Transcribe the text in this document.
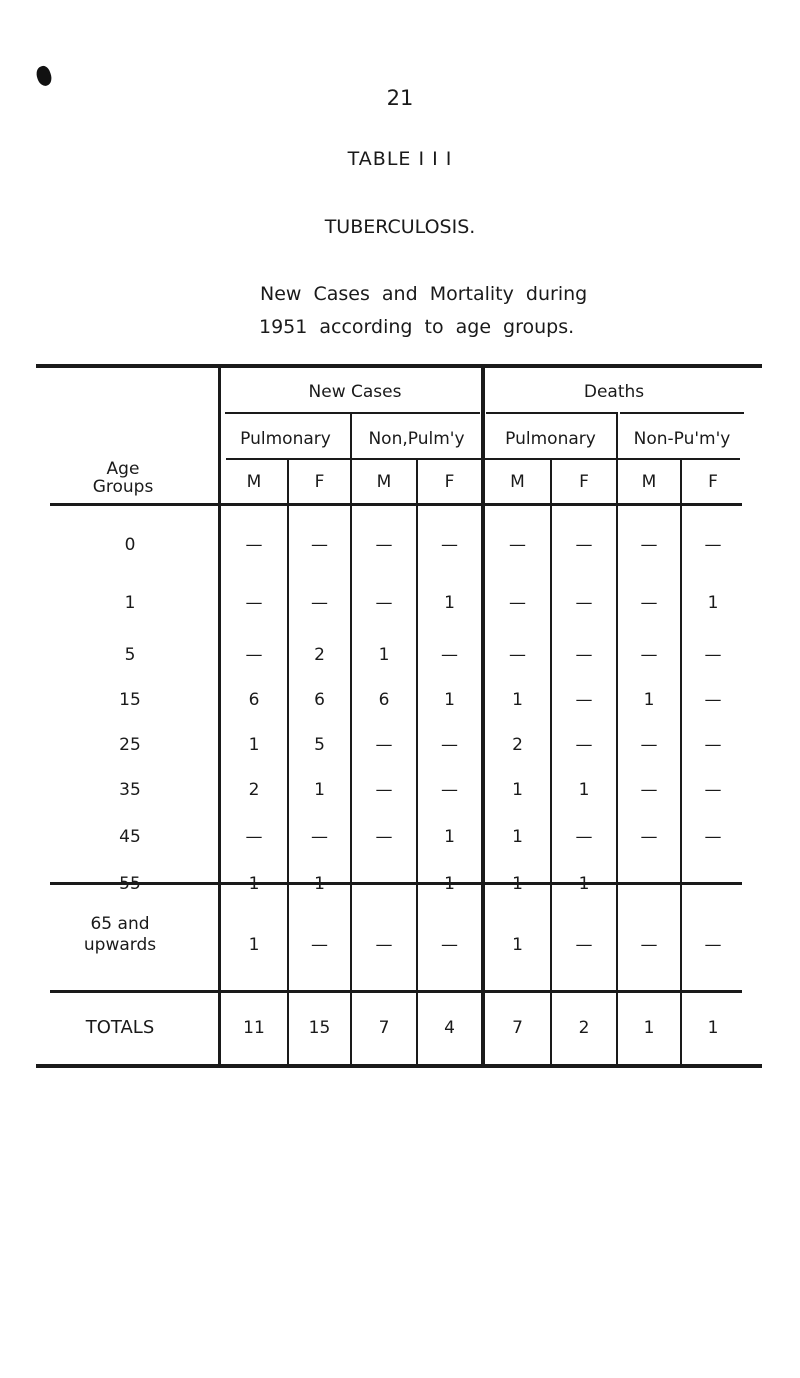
21
TABLE I I I
TUBERCULOSIS.
New Cases and Mortality during
1951 according to age groups.
Age
Groups
New Cases	Deaths
Pulmonary	Non,Pulm'y	Pulmonary	Non-Pu'm'y
M	F	M	F	M	F	M	F
0	—	—	—	—	—	—	—	—
1	—	—	—	1	—	—	—	1
5	—	2	1	—	—	—	—	—
15	6	6	6	1	1	—	1	—
25	1	5	—	—	2	—	—	—
35	2	1	—	—	1	1	—	—
45	—	—	—	1	1	—	—	—
55	1	1	—	1	1	1	—	—
65 and
upwards	1	—	—	—	1	—	—	—
TOTALS	11	15	7	4	7	2	1	1
